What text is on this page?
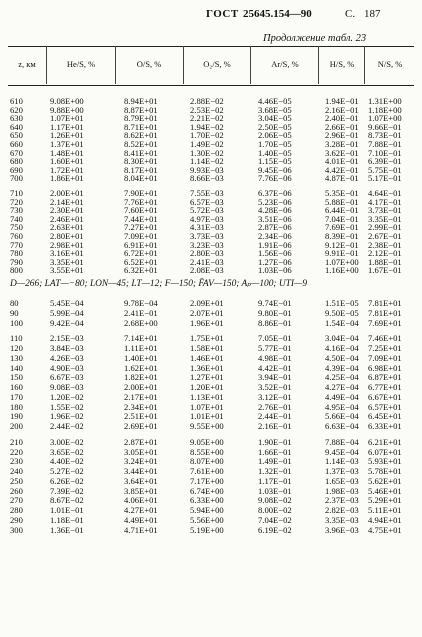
ГОСТ 25645.154—90	С. 187
Продолжение табл. 23
z, км	He/S, %	O/S, %	O₂/S, %	Ar/S, %	H/S, %	N/S, %
610	9.08E+00	8.94E+01	2.88E−02	4.46E−05	1.94E−01 1.31E+00
620	9.88E+00	8.87E+01	2.53E−02	3.68E−05	2.16E−01 1.18E+00
630	1.07E+01	8.79E+01	2.21E−02	3.04E−05	2.40E−01 1.07E+00
640	1.17E+01	8.71E+01	1.94E−02	2.50E−05	2.66E−01 9.66E−01
650	1.26E+01	8.62E+01	1.70E−02	2.06E−05	2.96E−01 8.73E−01
660	1.37E+01	8.52E+01	1.49E−02	1.70E−05	3.28E−01 7.88E−01
670	1.48E+01	8.41E+01	1.30E−02	1.40E−05	3.62E−01 7.10E−01
680	1.60E+01	8.30E+01	1.14E−02	1.15E−05	4.01E−01 6.39E−01
690	1.72E+01	8.17E+01	9.93E−03	9.45E−06	4.42E−01 5.75E−01
700	1.86E+01	8.04E+01	8.66E−03	7.76E−06	4.87E−01 5.17E−01
710	2.00E+01	7.90E+01	7.55E−03	6.37E−06	5.35E−01 4.64E−01
720	2.14E+01	7.76E+01	6.57E−03	5.23E−06	5.88E−01 4.17E−01
730	2.30E+01	7.60E+01	5.72E−03	4.28E−06	6.44E−01 3.73E−01
740	2.46E+01	7.44E+01	4.97E−03	3.51E−06	7.04E−01 3.35E−01
750	2.63E+01	7.27E+01	4.31E−03	2.87E−06	7.69E−01 2.99E−01
760	2.80E+01	7.09E+01	3.73E−03	2.34E−06	8.39E−01 2.67E−01
770	2.98E+01	6.91E+01	3.23E−03	1.91E−06	9.12E−01 2.38E−01
780	3.16E+01	6.72E+01	2.80E−03	1.56E−06	9.91E−01 2.12E−01
790	3.35E+01	6.52E+01	2.41E−03	1.27E−06	1.07E+00 1.88E−01
800	3.55E+01	6.32E+01	2.08E−03	1.03E−06	1.16E+00 1.67E−01
D—266; LAT—−80; LON—45; LT—12; F—150; F̄AV—150; Aₚ—100; UTI—9
80	5.45E−04	9.78E−04	2.09E+01	9.74E−01	1.51E−05 7.81E+01
90	5.99E−04	2.41E−01	2.07E+01	9.80E−01	9.50E−05 7.81E+01
100	9.42E−04	2.68E+00	1.96E+01	8.86E−01	1.54E−04 7.69E+01
110	2.15E−03	7.14E+01	1.75E+01	7.05E−01	3.04E−04 7.46E+01
120	3.84E−03	1.11E+01	1.58E+01	5.77E−01	4.16E−04 7.25E+01
130	4.26E−03	1.40E+01	1.46E+01	4.98E−01	4.50E−04 7.09E+01
140	4.90E−03	1.62E+01	1.36E+01	4.42E−01	4.39E−04 6.98E+01
150	6.67E−03	1.82E+01	1.27E+01	3.94E−01	4.25E−04 6.87E+01
160	9.08E−03	2.00E+01	1.20E+01	3.52E−01	4.27E−04 6.77E+01
170	1.20E−02	2.17E+01	1.13E+01	3.12E−01	4.49E−04 6.67E+01
180	1.55E−02	2.34E+01	1.07E+01	2.76E−01	4.95E−04 6.57E+01
190	1.96E−02	2.51E+01	1.01E+01	2.44E−01	5.66E−04 6.45E+01
200	2.44E−02	2.69E+01	9.55E+00	2.16E−01	6.63E−04 6.33E+01
210	3.00E−02	2.87E+01	9.05E+00	1.90E−01	7.88E−04 6.21E+01
220	3.65E−02	3.05E+01	8.55E+00	1.66E−01	9.45E−04 6.07E+01
230	4.40E−02	3.24E+01	8.07E+00	1.49E−01	1.14E−03 5.93E+01
240	5.27E−02	3.44E+01	7.61E+00	1.32E−01	1.37E−03 5.78E+01
250	6.26E−02	3.64E+01	7.17E+00	1.17E−01	1.65E−03 5.62E+01
260	7.39E−02	3.85E+01	6.74E+00	1.03E−01	1.98E−03 5.46E+01
270	8.67E−02	4.06E+01	6.33E+00	9.08E−02	2.37E−03 5.29E+01
280	1.01E−01	4.27E+01	5.94E+00	8.00E−02	2.82E−03 5.11E+01
290	1.18E−01	4.49E+01	5.56E+00	7.04E−02	3.35E−03 4.94E+01
300	1.36E−01	4.71E+01	5.19E+00	6.19E−02	3.96E−03 4.75E+01
